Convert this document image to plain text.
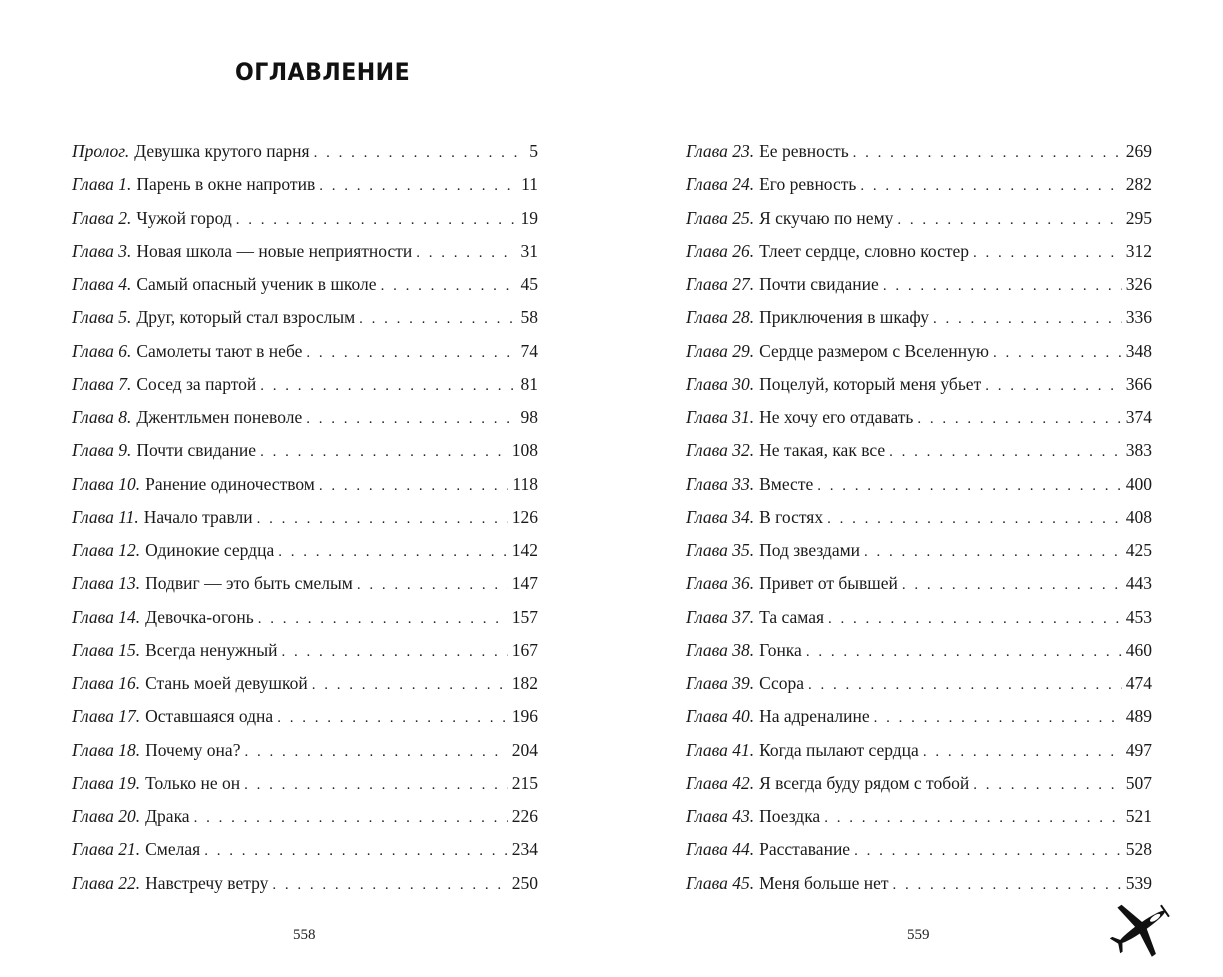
ОГЛАВЛЕНИЕ
Пролог. Девушка крутого парня . . .	5
Глава 1. Парень в окне напротив . . .	11
Глава 2. Чужой город . . .	19
Глава 3. Новая школа — новые неприятности . . .	31
Глава 4. Самый опасный ученик в школе . . .	45
Глава 5. Друг, который стал взрослым . . .	58
Глава 6. Самолеты тают в небе . . .	74
Глава 7. Сосед за партой . . .	81
Глава 8. Джентльмен поневоле . . .	98
Глава 9. Почти свидание . . .	108
Глава 10. Ранение одиночеством . . .	118
Глава 11. Начало травли . . .	126
Глава 12. Одинокие сердца . . .	142
Глава 13. Подвиг — это быть смелым . . .	147
Глава 14. Девочка-огонь . . .	157
Глава 15. Всегда ненужный . . .	167
Глава 16. Стань моей девушкой . . .	182
Глава 17. Оставшаяся одна . . .	196
Глава 18. Почему она? . . .	204
Глава 19. Только не он . . .	215
Глава 20. Драка . . .	226
Глава 21. Смелая . . .	234
Глава 22. Навстречу ветру . . .	250
Глава 23. Ее ревность . . .	269
Глава 24. Его ревность . . .	282
Глава 25. Я скучаю по нему . . .	295
Глава 26. Тлеет сердце, словно костер . . .	312
Глава 27. Почти свидание . . .	326
Глава 28. Приключения в шкафу . . .	336
Глава 29. Сердце размером с Вселенную . . .	348
Глава 30. Поцелуй, который меня убьет . . .	366
Глава 31. Не хочу его отдавать . . .	374
Глава 32. Не такая, как все . . .	383
Глава 33. Вместе . . .	400
Глава 34. В гостях . . .	408
Глава 35. Под звездами . . .	425
Глава 36. Привет от бывшей . . .	443
Глава 37. Та самая . . .	453
Глава 38. Гонка . . .	460
Глава 39. Ссора . . .	474
Глава 40. На адреналине . . .	489
Глава 41. Когда пылают сердца . . .	497
Глава 42. Я всегда буду рядом с тобой . . .	507
Глава 43. Поездка . . .	521
Глава 44. Расставание . . .	528
Глава 45. Меня больше нет . . .	539
558	559
